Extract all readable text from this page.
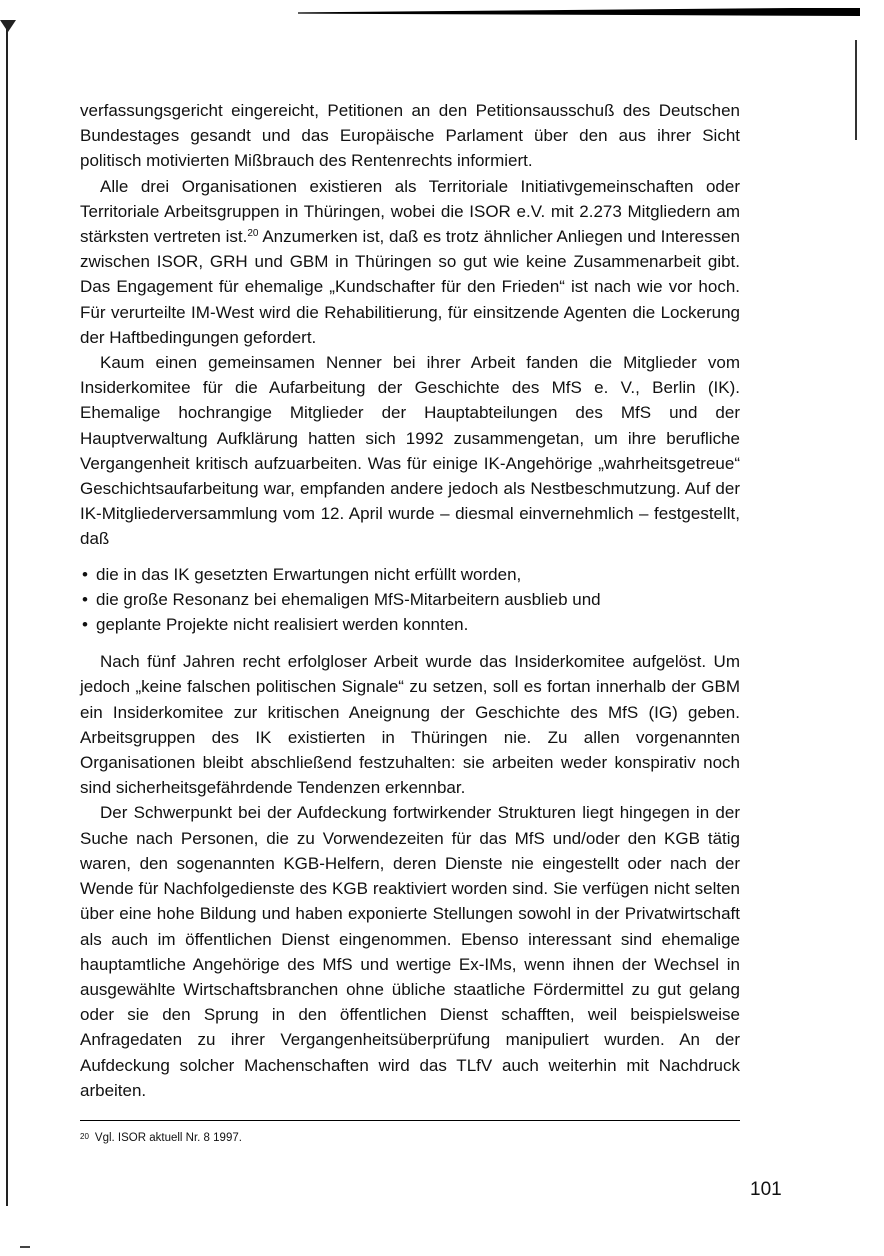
verfassungsgericht eingereicht, Petitionen an den Petitionsausschuß des Deutschen Bundestages gesandt und das Europäische Parlament über den aus ihrer Sicht politisch motivierten Mißbrauch des Rentenrechts informiert.

Alle drei Organisationen existieren als Territoriale Initiativgemeinschaften oder Territoriale Arbeitsgruppen in Thüringen, wobei die ISOR e.V. mit 2.273 Mitgliedern am stärksten vertreten ist.$^{20}$ Anzumerken ist, daß es trotz ähnlicher Anliegen und Interessen zwischen ISOR, GRH und GBM in Thüringen so gut wie keine Zusammenarbeit gibt. Das Engagement für ehemalige „Kundschafter für den Frieden“ ist nach wie vor hoch. Für verurteilte IM-West wird die Rehabilitierung, für einsitzende Agenten die Lockerung der Haftbedingungen gefordert.

Kaum einen gemeinsamen Nenner bei ihrer Arbeit fanden die Mitglieder vom Insiderkomitee für die Aufarbeitung der Geschichte des MfS e. V., Berlin (IK). Ehemalige hochrangige Mitglieder der Hauptabteilungen des MfS und der Hauptverwaltung Aufklärung hatten sich 1992 zusammengetan, um ihre berufliche Vergangenheit kritisch aufzuarbeiten. Was für einige IK-Angehörige „wahrheitsgetreue“ Geschichtsaufarbeitung war, empfanden andere jedoch als Nestbeschmutzung. Auf der IK-Mitgliederversammlung vom 12. April wurde – diesmal einvernehmlich – festgestellt, daß

• die in das IK gesetzten Erwartungen nicht erfüllt worden,
• die große Resonanz bei ehemaligen MfS-Mitarbeitern ausblieb und
• geplante Projekte nicht realisiert werden konnten.

Nach fünf Jahren recht erfolgloser Arbeit wurde das Insiderkomitee aufgelöst. Um jedoch „keine falschen politischen Signale“ zu setzen, soll es fortan innerhalb der GBM ein Insiderkomitee zur kritischen Aneignung der Geschichte des MfS (IG) geben. Arbeitsgruppen des IK existierten in Thüringen nie. Zu allen vorgenannten Organisationen bleibt abschließend festzuhalten: sie arbeiten weder konspirativ noch sind sicherheitsgefährdende Tendenzen erkennbar.

Der Schwerpunkt bei der Aufdeckung fortwirkender Strukturen liegt hingegen in der Suche nach Personen, die zu Vorwendezeiten für das MfS und/oder den KGB tätig waren, den sogenannten KGB-Helfern, deren Dienste nie eingestellt oder nach der Wende für Nachfolgedienste des KGB reaktiviert worden sind. Sie verfügen nicht selten über eine hohe Bildung und haben exponierte Stellungen sowohl in der Privatwirtschaft als auch im öffentlichen Dienst eingenommen. Ebenso interessant sind ehemalige hauptamtliche Angehörige des MfS und wertige Ex-IMs, wenn ihnen der Wechsel in ausgewählte Wirtschaftsbranchen ohne übliche staatliche Fördermittel zu gut gelang oder sie den Sprung in den öffentlichen Dienst schafften, weil beispielsweise Anfragedaten zu ihrer Vergangenheitsüberprüfung manipuliert wurden. An der Aufdeckung solcher Machenschaften wird das TLfV auch weiterhin mit Nachdruck arbeiten.

$^{20}$ Vgl. ISOR aktuell Nr. 8 1997.
101
